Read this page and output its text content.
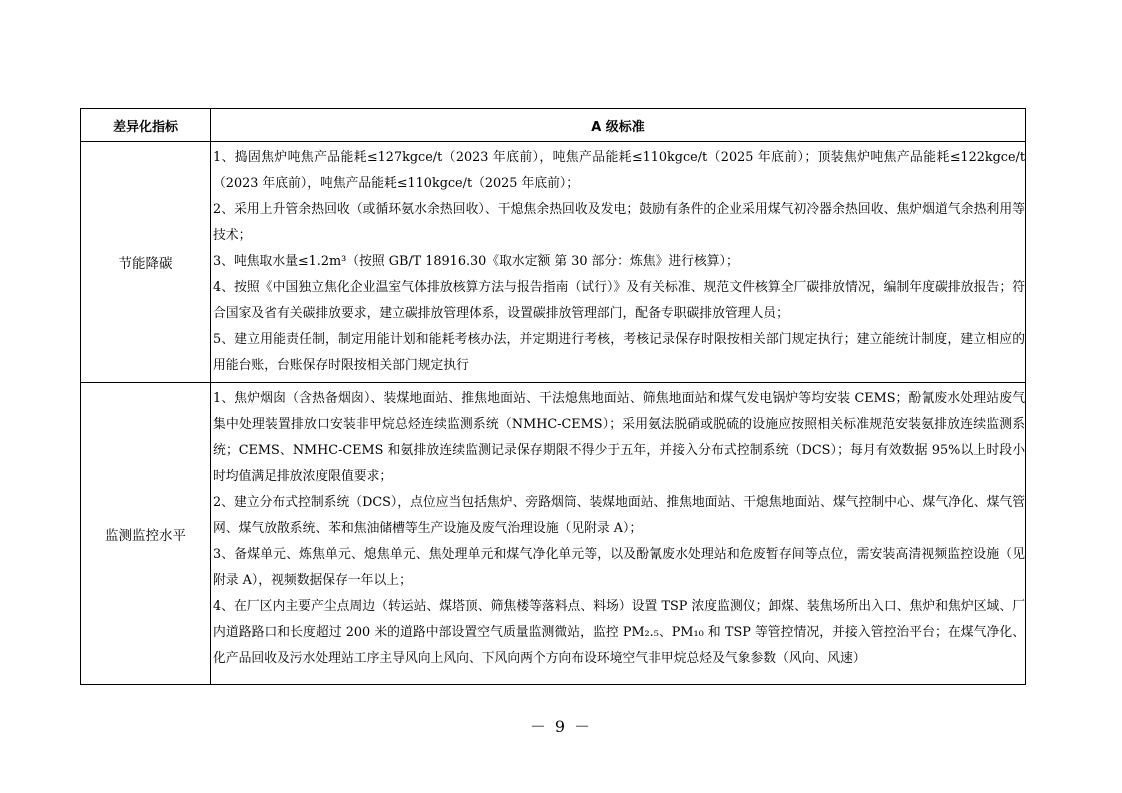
差异化指标	A 级标准
节能降碳	1、捣固焦炉吨焦产品能耗≤127kgce/t（2023 年底前），吨焦产品能耗≤110kgce/t（2025 年底前）；顶装焦炉吨焦产品能耗≤122kgce/t（2023 年底前），吨焦产品能耗≤110kgce/t（2025 年底前）；
2、采用上升管余热回收（或循环氨水余热回收）、干熄焦余热回收及发电；鼓励有条件的企业采用煤气初冷器余热回收、焦炉烟道气余热利用等技术；
3、吨焦取水量≤1.2m³（按照 GB/T 18916.30《取水定额 第 30 部分：炼焦》进行核算）；
4、按照《中国独立焦化企业温室气体排放核算方法与报告指南（试行）》及有关标准、规范文件核算全厂碳排放情况，编制年度碳排放报告；符合国家及省有关碳排放要求，建立碳排放管理体系，设置碳排放管理部门，配备专职碳排放管理人员；
5、建立用能责任制，制定用能计划和能耗考核办法，并定期进行考核，考核记录保存时限按相关部门规定执行；建立能统计制度，建立相应的用能台账，台账保存时限按相关部门规定执行

监测监控水平	1、焦炉烟囱（含热备烟囱）、装煤地面站、推焦地面站、干法熄焦地面站、筛焦地面站和煤气发电锅炉等均安装 CEMS；酚氰废水处理站废气集中处理装置排放口安装非甲烷总烃连续监测系统（NMHC-CEMS）；采用氨法脱硝或脱硫的设施应按照相关标准规范安装氨排放连续监测系统；CEMS、NMHC-CEMS 和氨排放连续监测记录保存期限不得少于五年，并接入分布式控制系统（DCS）；每月有效数据 95%以上时段小时均值满足排放浓度限值要求；
2、建立分布式控制系统（DCS），点位应当包括焦炉、旁路烟筒、装煤地面站、推焦地面站、干熄焦地面站、煤气控制中心、煤气净化、煤气管网、煤气放散系统、苯和焦油储槽等生产设施及废气治理设施（见附录 A）；
3、备煤单元、炼焦单元、熄焦单元、焦处理单元和煤气净化单元等，以及酚氰废水处理站和危废暂存间等点位，需安装高清视频监控设施（见附录 A），视频数据保存一年以上；
4、在厂区内主要产尘点周边（转运站、煤塔顶、筛焦楼等落料点、料场）设置 TSP 浓度监测仪；卸煤、装焦场所出入口、焦炉和焦炉区域、厂内道路路口和长度超过 200 米的道路中部设置空气质量监测微站，监控 PM₂.₅、PM₁₀ 和 TSP 等管控情况，并接入管控治平台；在煤气净化、化产品回收及污水处理站工序主导风向上风向、下风向两个方向布设环境空气非甲烷总烃及气象参数（风向、风速）
－ 9 －
